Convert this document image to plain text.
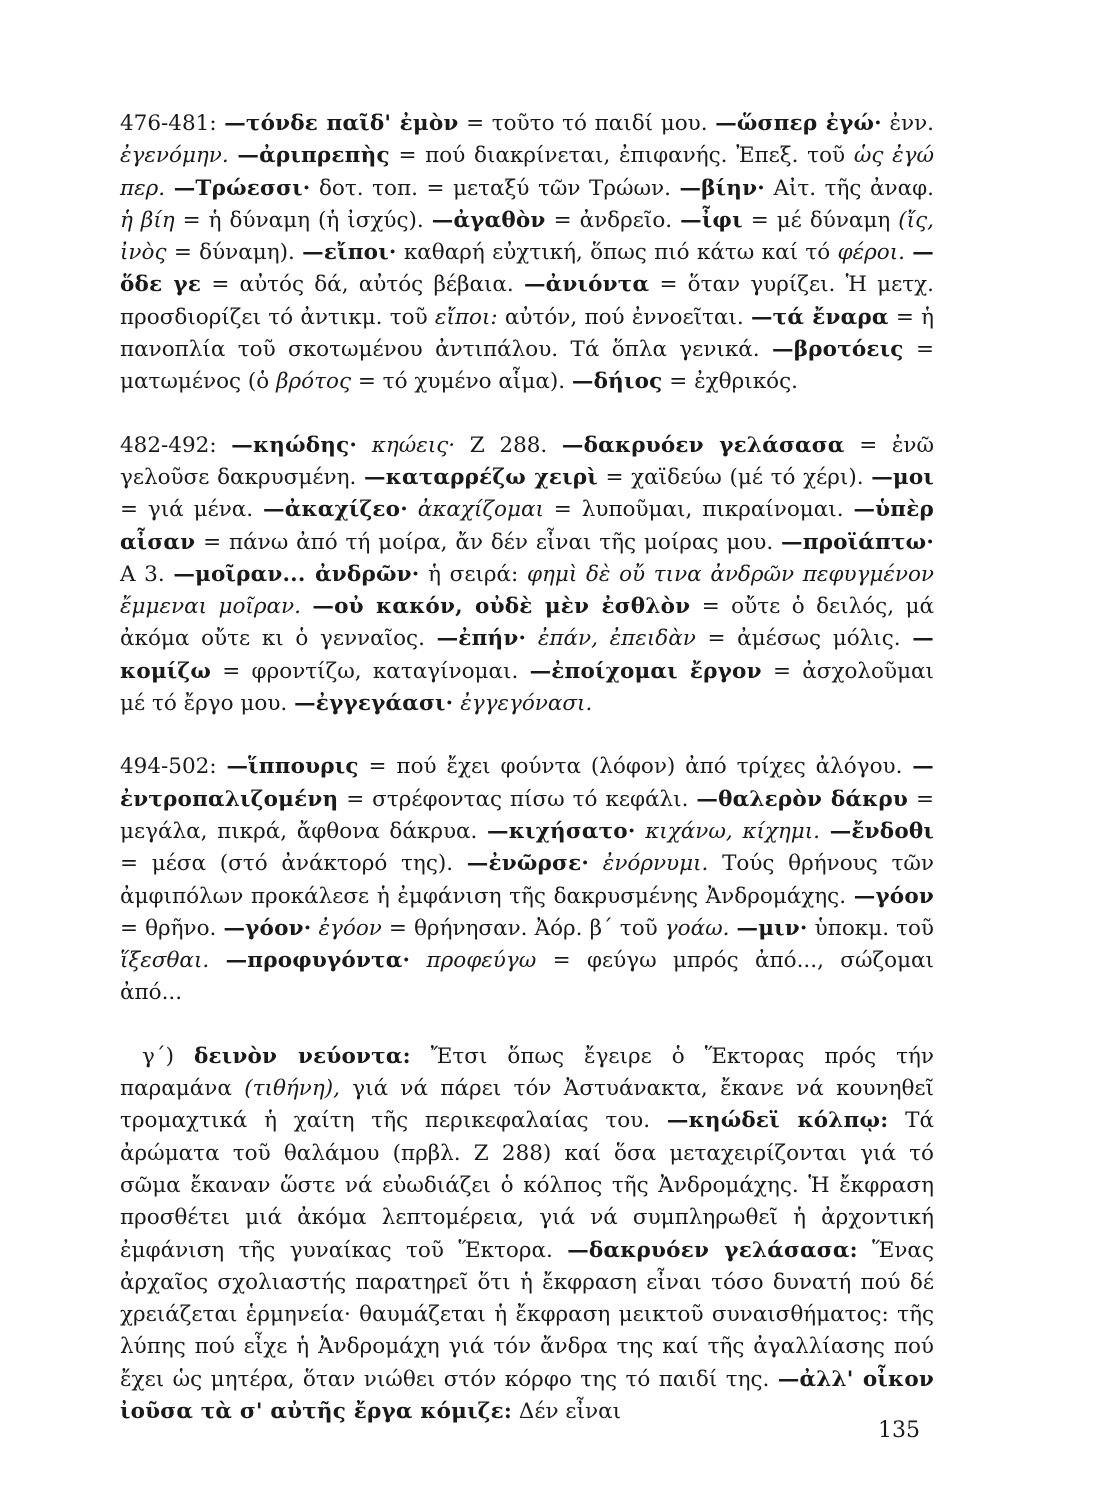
476-481: —τόνδε παῖδ' ἐμὸν = τοῦτο τό παιδί μου. —ὥσπερ ἐγώ· ἐνν. ἐγενόμην. —ἀριπρεπὴς = πού διακρίνεται, ἐπιφανής. Ἐπεξ. τοῦ ὡς ἐγώ περ. —Τρώεσσι· δοτ. τοπ. = μεταξύ τῶν Τρώων. —βίην· Αἰτ. τῆς ἀναφ. ἡ βίη = ἡ δύναμη (ἡ ἰσχύς). —ἀγαθὸν = ἀνδρεῖο. —ἶφι = μέ δύναμη (ἴς, ἰνὸς = δύναμη). —εἴποι· καθαρή εὐχτική, ὅπως πιό κάτω καί τό φέροι. —ὅδε γε = αὐτός δά, αὐτός βέβαια. —ἀνιόντα = ὅταν γυρίζει. Ἡ μετχ. προσδιορίζει τό ἀντικμ. τοῦ εἴποι: αὐτόν, πού ἐννοεῖται. —τά ἔναρα = ἡ πανοπλία τοῦ σκοτωμένου ἀντιπάλου. Τά ὅπλα γενικά. —βροτόεις = ματωμένος (ὁ βρότος = τό χυμένο αἷμα). —δήιος = ἐχθρικός.

482-492: —κηώδης· κηώεις· Ζ 288. —δακρυόεν γελάσασα = ἐνῶ γελοῦσε δακρυσμένη. —καταρρέζω χειρὶ = χαϊδεύω (μέ τό χέρι). —μοι = γιά μένα. —ἀκαχίζεο· ἀκαχίζομαι = λυποῦμαι, πικραίνομαι. —ὑπὲρ αἶσαν = πάνω ἀπό τή μοίρα, ἄν δέν εἶναι τῆς μοίρας μου. —προϊάπτω· Α 3. —μοῖραν... ἀνδρῶν· ἡ σειρά: φημὶ δὲ οὔ τινα ἀνδρῶν πεφυγμένον ἔμμεναι μοῖραν. —οὐ κακόν, οὐδὲ μὲν ἐσθλὸν = οὔτε ὁ δειλός, μά ἀκόμα οὔτε κι ὁ γενναῖος. —ἐπήν· ἐπάν, ἐπειδὰν = ἀμέσως μόλις. —κομίζω = φροντίζω, καταγίνομαι. —ἐποίχομαι ἔργον = ἀσχολοῦμαι μέ τό ἔργο μου. —ἐγγεγάασι· ἐγγεγόνασι.

494-502: —ἵππουρις = πού ἔχει φούντα (λόφον) ἀπό τρίχες ἀλόγου. —ἐντροπαλιζομένη = στρέφοντας πίσω τό κεφάλι. —θαλερὸν δάκρυ = μεγάλα, πικρά, ἄφθονα δάκρυα. —κιχήσατο· κιχάνω, κίχημι. —ἔνδοθι = μέσα (στό ἀνάκτορό της). —ἐνῶρσε· ἐνόρνυμι. Τούς θρήνους τῶν ἀμφιπόλων προκάλεσε ἡ ἐμφάνιση τῆς δακρυσμένης Ἀνδρομάχης. —γόον = θρῆνο. —γόον· ἐγόον = θρήνησαν. Ἀόρ. β΄ τοῦ γοάω. —μιν· ὑποκμ. τοῦ ἵξεσθαι. —προφυγόντα· προφεύγω = φεύγω μπρός ἀπό..., σώζομαι ἀπό...

γ΄) δεινὸν νεύοντα: Ἔτσι ὅπως ἔγειρε ὁ Ἕκτορας πρός τήν παραμάνα (τιθήνη), γιά νά πάρει τόν Ἀστυάνακτα, ἔκανε νά κουνηθεῖ τρομαχτικά ἡ χαίτη τῆς περικεφαλαίας του. —κηώδεϊ κόλπῳ: Τά ἀρώματα τοῦ θαλάμου (πρβλ. Ζ 288) καί ὅσα μεταχειρίζονται γιά τό σῶμα ἔκαναν ὥστε νά εὐωδιάζει ὁ κόλπος τῆς Ἀνδρομάχης. Ἡ ἔκφραση προσθέτει μιά ἀκόμα λεπτομέρεια, γιά νά συμπληρωθεῖ ἡ ἀρχοντική ἐμφάνιση τῆς γυναίκας τοῦ Ἕκτορα. —δακρυόεν γελάσασα: Ἕνας ἀρχαῖος σχολιαστής παρατηρεῖ ὅτι ἡ ἔκφραση εἶναι τόσο δυνατή πού δέ χρειάζεται ἑρμηνεία· θαυμάζεται ἡ ἔκφραση μεικτοῦ συναισθήματος: τῆς λύπης πού εἶχε ἡ Ἀνδρομάχη γιά τόν ἄνδρα της καί τῆς ἀγαλλίασης πού ἔχει ὡς μητέρα, ὅταν νιώθει στόν κόρφο της τό παιδί της. —ἀλλ' οἶκον ἰοῦσα τὰ σ' αὐτῆς ἔργα κόμιζε: Δέν εἶναι

135
